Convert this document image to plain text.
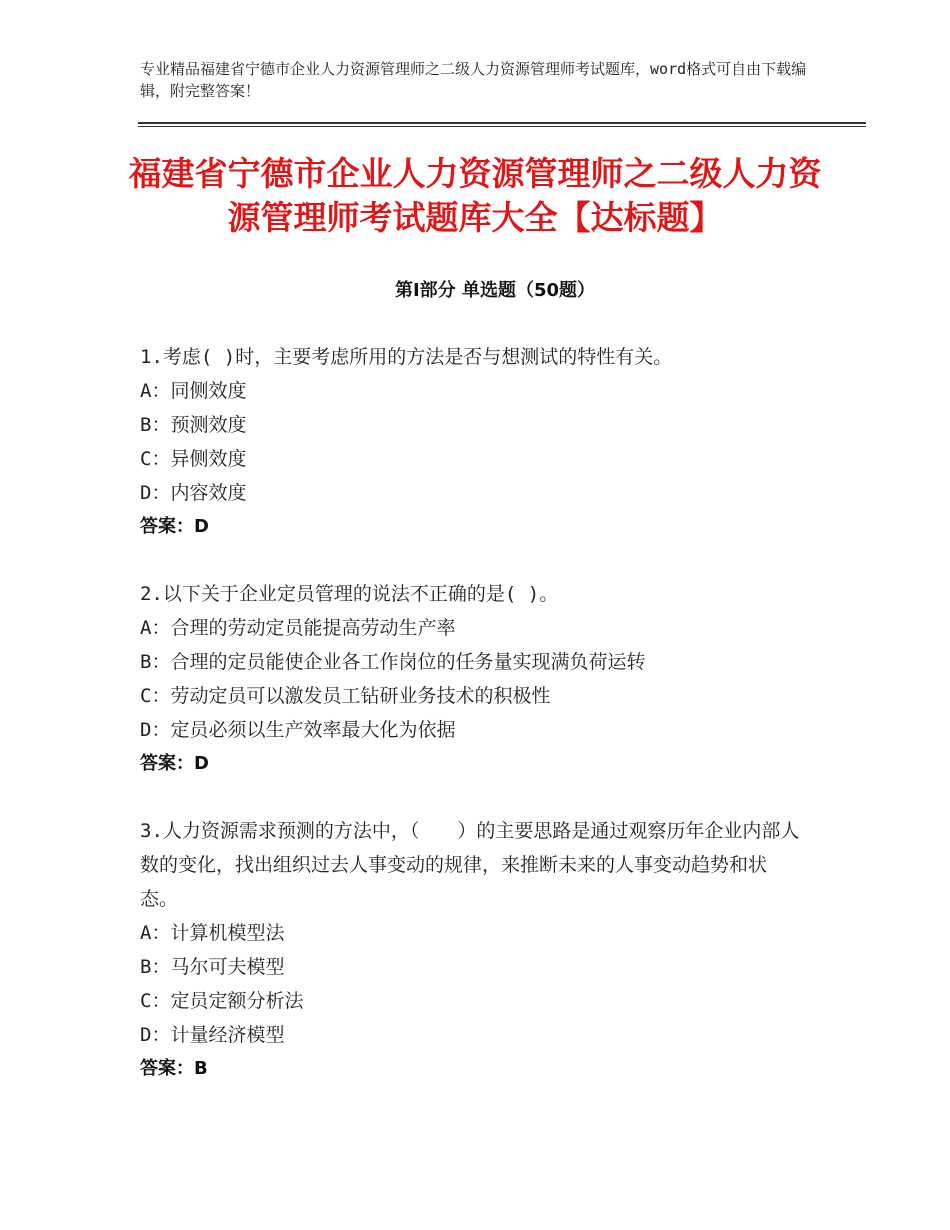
专业精品福建省宁德市企业人力资源管理师之二级人力资源管理师考试题库，word格式可自由下载编辑，附完整答案！
福建省宁德市企业人力资源管理师之二级人力资源管理师考试题库大全【达标题】
第Ⅰ部分 单选题（50题）
1.考虑( )时，主要考虑所用的方法是否与想测试的特性有关。
A：同侧效度
B：预测效度
C：异侧效度
D：内容效度
答案：D
2.以下关于企业定员管理的说法不正确的是( )。
A：合理的劳动定员能提高劳动生产率
B：合理的定员能使企业各工作岗位的任务量实现满负荷运转
C：劳动定员可以激发员工钻研业务技术的积极性
D：定员必须以生产效率最大化为依据
答案：D
3.人力资源需求预测的方法中，（　　）的主要思路是通过观察历年企业内部人数的变化，找出组织过去人事变动的规律，来推断未来的人事变动趋势和状态。
A：计算机模型法
B：马尔可夫模型
C：定员定额分析法
D：计量经济模型
答案：B
